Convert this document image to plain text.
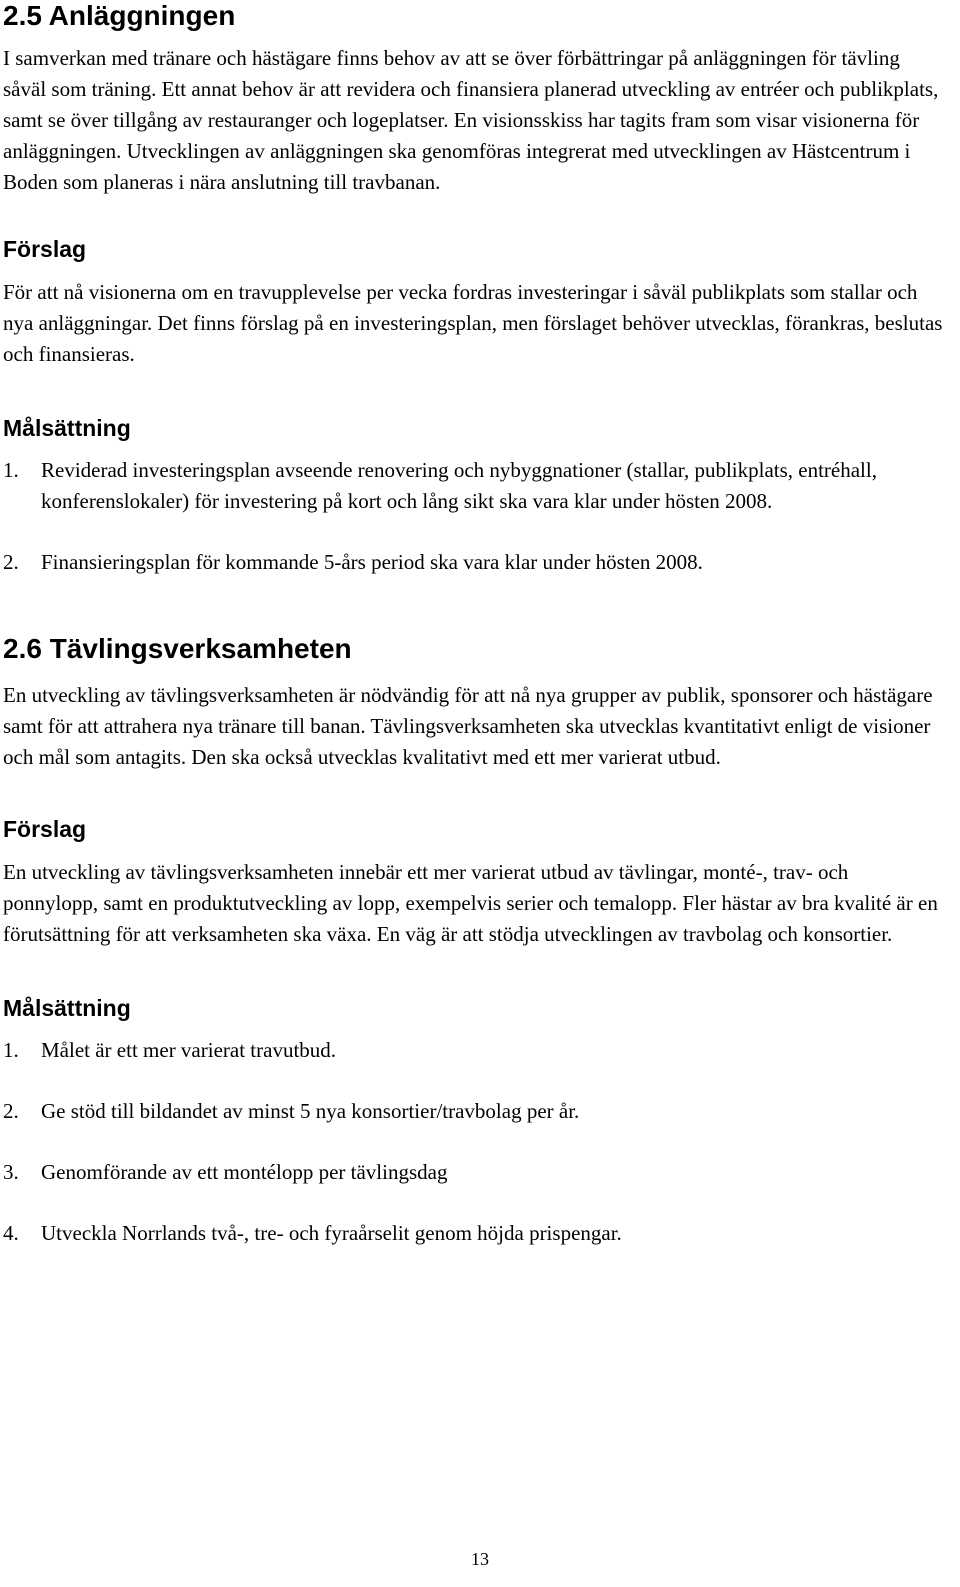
2.5 Anläggningen

I samverkan med tränare och hästägare finns behov av att se över förbättringar på anläggningen för tävling såväl som träning. Ett annat behov är att revidera och finansiera planerad utveckling av entréer och publikplats, samt se över tillgång av restauranger och logeplatser. En visionsskiss har tagits fram som visar visionerna för anläggningen. Utvecklingen av anläggningen ska genomföras integrerat med utvecklingen av Hästcentrum i Boden som planeras i nära anslutning till travbanan.

Förslag

För att nå visionerna om en travupplevelse per vecka fordras investeringar i såväl publikplats som stallar och nya anläggningar. Det finns förslag på en investeringsplan, men förslaget behöver utvecklas, förankras, beslutas och finansieras.

Målsättning
1.	Reviderad investeringsplan avseende renovering och nybyggnationer (stallar, publikplats, entréhall, konferenslokaler) för investering på kort och lång sikt ska vara klar under hösten 2008.
2.	Finansieringsplan för kommande 5-års period ska vara klar under hösten 2008.
2.6 Tävlingsverksamheten

En utveckling av tävlingsverksamheten är nödvändig för att nå nya grupper av publik, sponsorer och hästägare samt för att attrahera nya tränare till banan. Tävlingsverksamheten ska utvecklas kvantitativt enligt de visioner och mål som antagits. Den ska också utvecklas kvalitativt med ett mer varierat utbud.

Förslag

En utveckling av tävlingsverksamheten innebär ett mer varierat utbud av tävlingar, monté-, trav- och ponnylopp, samt en produktutveckling av lopp, exempelvis serier och temalopp. Fler hästar av bra kvalité är en förutsättning för att verksamheten ska växa. En väg är att stödja utvecklingen av travbolag och konsortier.

Målsättning
1.	Målet är ett mer varierat travutbud.
2.	Ge stöd till bildandet av minst 5 nya konsortier/travbolag per år.
3.	Genomförande av ett montélopp per tävlingsdag
4.	Utveckla Norrlands två-, tre- och fyraårselit genom höjda prispengar.
13
